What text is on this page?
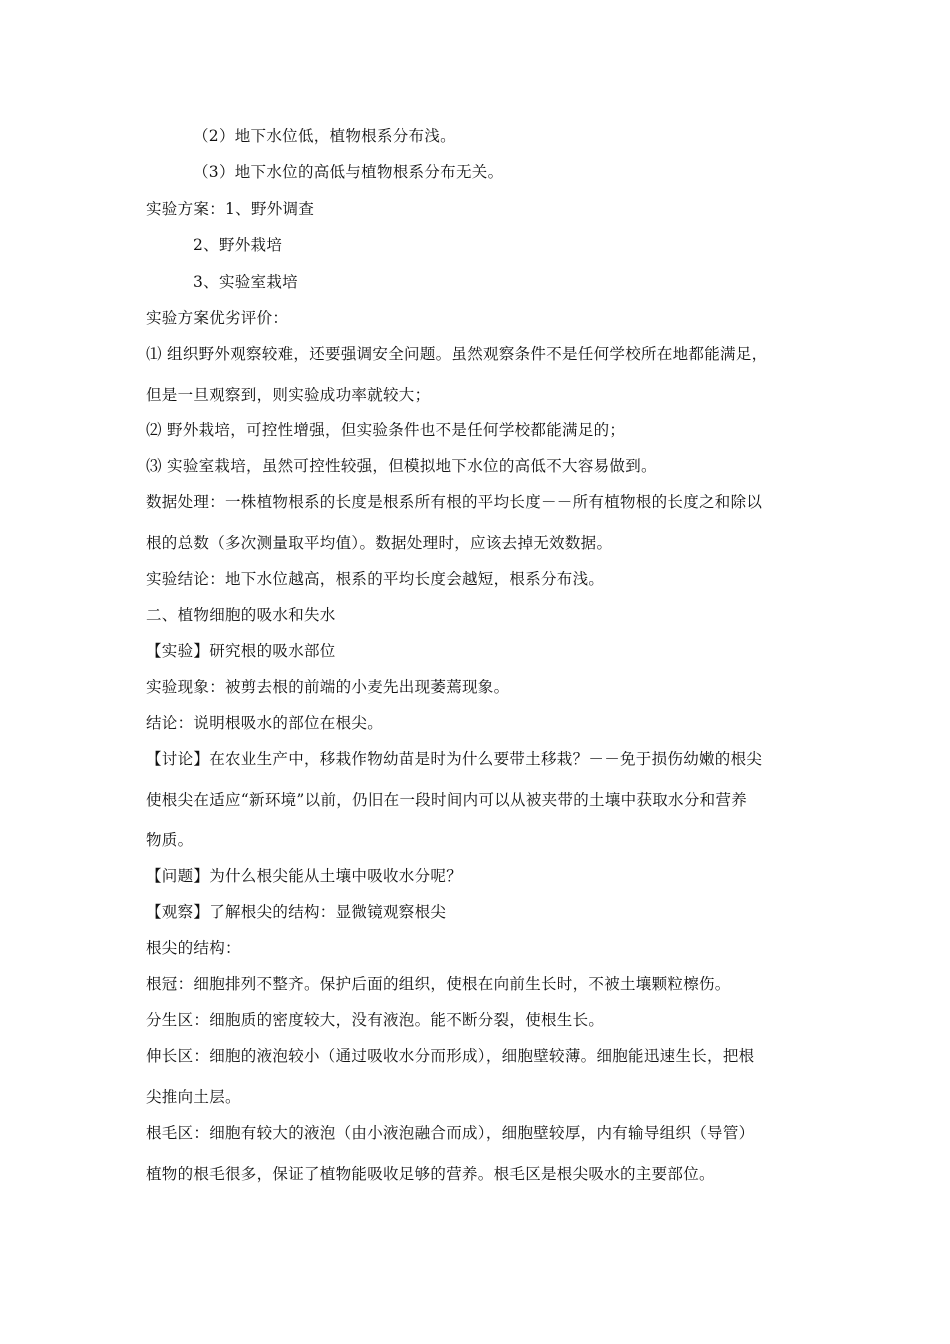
（2）地下水位低，植物根系分布浅。
（3）地下水位的高低与植物根系分布无关。
实验方案：1、野外调查
2、野外栽培
3、实验室栽培
实验方案优劣评价：
⑴ 组织野外观察较难，还要强调安全问题。虽然观察条件不是任何学校所在地都能满足，
但是一旦观察到，则实验成功率就较大；
⑵ 野外栽培，可控性增强，但实验条件也不是任何学校都能满足的；
⑶ 实验室栽培，虽然可控性较强，但模拟地下水位的高低不大容易做到。
数据处理：一株植物根系的长度是根系所有根的平均长度－－所有植物根的长度之和除以
根的总数（多次测量取平均值）。数据处理时，应该去掉无效数据。
实验结论：地下水位越高，根系的平均长度会越短，根系分布浅。
二、植物细胞的吸水和失水
【实验】研究根的吸水部位
实验现象：被剪去根的前端的小麦先出现萎蔫现象。
结论：说明根吸水的部位在根尖。
【讨论】在农业生产中，移栽作物幼苗是时为什么要带土移栽？－－免于损伤幼嫩的根尖
使根尖在适应“新环境”以前，仍旧在一段时间内可以从被夹带的土壤中获取水分和营养
物质。
【问题】为什么根尖能从土壤中吸收水分呢？
【观察】了解根尖的结构：显微镜观察根尖
根尖的结构：
根冠：细胞排列不整齐。保护后面的组织，使根在向前生长时，不被土壤颗粒檫伤。
分生区：细胞质的密度较大，没有液泡。能不断分裂，使根生长。
伸长区：细胞的液泡较小（通过吸收水分而形成），细胞壁较薄。细胞能迅速生长，把根
尖推向土层。
根毛区：细胞有较大的液泡（由小液泡融合而成），细胞壁较厚，内有输导组织（导管）
植物的根毛很多，保证了植物能吸收足够的营养。根毛区是根尖吸水的主要部位。
